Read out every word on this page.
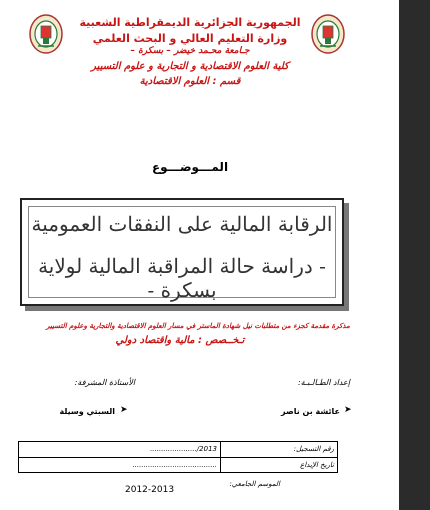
الجمهورية الجزائرية الديمقراطية الشعبية
وزارة التعليم العالي و البحث العلمي
جـامعة محـمد خيضر – بسكرة –
كلية العلوم الاقتصادية و التجارية و علوم التسيير
قسم : العلوم الاقتصادية
المـــوضـــوع
الرقابة المالية على النفقات العمومية
- دراسة حالة المراقبة المالية لولاية بسكرة -
مذكرة مقدمة كجزء من متطلبات نيل شهادة الماستر في مسار العلوم الاقتصادية والتجارية وعلوم التسيير
تـخــصص : مالية واقتصاد دولي
إعداد الطـالـبـة:
الأستاذة المشرفة:
➤
عائشة بن ناصر
➤
السبتي وسيلة
2013/.....................	رقم التسجيل:
......................................	تاريخ الإيداع
الموسم الجامعي:
2012-2013
